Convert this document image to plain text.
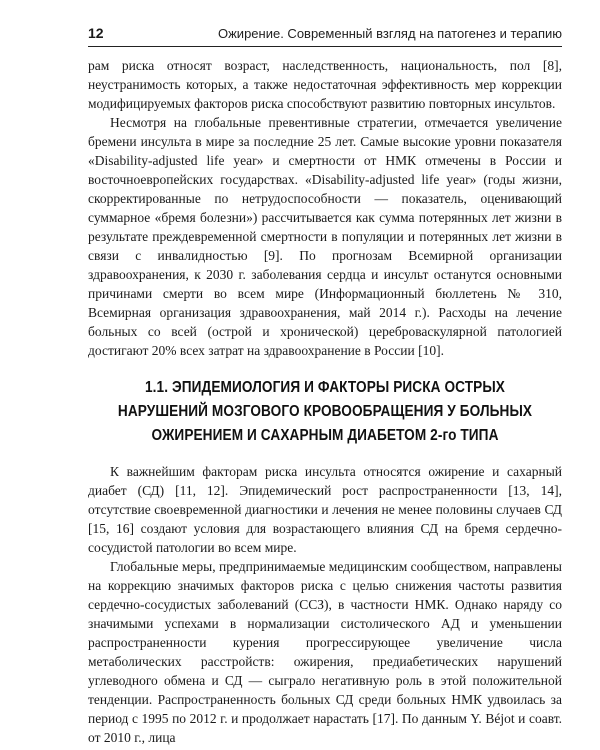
12	Ожирение. Современный взгляд на патогенез и терапию

рам риска относят возраст, наследственность, национальность, пол [8], неустранимость которых, а также недостаточная эффективность мер коррекции модифицируемых факторов риска способствуют развитию повторных инсультов.

Несмотря на глобальные превентивные стратегии, отмечается увеличение бремени инсульта в мире за последние 25 лет. Самые высокие уровни показателя «Disability-adjusted life year» и смертности от НМК отмечены в России и восточноевропейских государствах. «Disability-adjusted life year» (годы жизни, скорректированные по нетрудоспособности — показатель, оценивающий суммарное «бремя болезни») рассчитывается как сумма потерянных лет жизни в результате преждевременной смертности в популяции и потерянных лет жизни в связи с инвалидностью [9]. По прогнозам Всемирной организации здравоохранения, к 2030 г. заболевания сердца и инсульт останутся основными причинами смерти во всем мире (Информационный бюллетень № 310, Всемирная организация здравоохранения, май 2014 г.). Расходы на лечение больных со всей (острой и хронической) цереброваскулярной патологией достигают 20% всех затрат на здравоохранение в России [10].

1.1. ЭПИДЕМИОЛОГИЯ И ФАКТОРЫ РИСКА ОСТРЫХ НАРУШЕНИЙ МОЗГОВОГО КРОВООБРАЩЕНИЯ У БОЛЬНЫХ ОЖИРЕНИЕМ И САХАРНЫМ ДИАБЕТОМ 2-го ТИПА

К важнейшим факторам риска инсульта относятся ожирение и сахарный диабет (СД) [11, 12]. Эпидемический рост распространенности [13, 14], отсутствие своевременной диагностики и лечения не менее половины случаев СД [15, 16] создают условия для возрастающего влияния СД на бремя сердечно-сосудистой патологии во всем мире.

Глобальные меры, предпринимаемые медицинским сообществом, направлены на коррекцию значимых факторов риска с целью снижения частоты развития сердечно-сосудистых заболеваний (ССЗ), в частности НМК. Однако наряду со значимыми успехами в нормализации систолического АД и уменьшении распространенности курения прогрессирующее увеличение числа метаболических расстройств: ожирения, предиабетических нарушений углеводного обмена и СД — сыграло негативную роль в этой положительной тенденции. Распространенность больных СД среди больных НМК удвоилась за период с 1995 по 2012 г. и продолжает нарастать [17]. По данным Y. Béjot и соавт. от 2010 г., лица
